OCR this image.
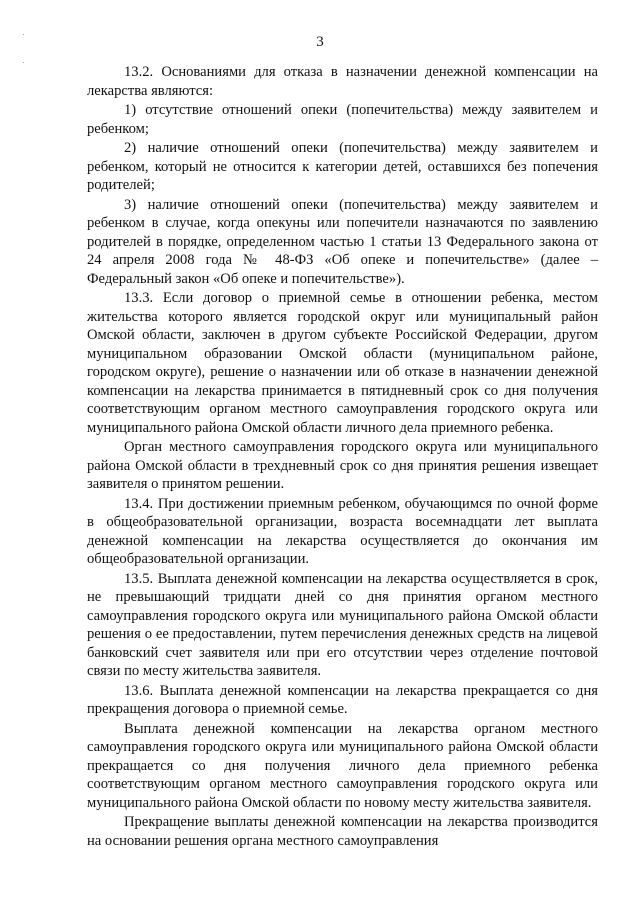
·
·
3

13.2. Основаниями для отказа в назначении денежной компенсации на лекарства являются:

1) отсутствие отношений опеки (попечительства) между заявителем и ребенком;

2) наличие отношений опеки (попечительства) между заявителем и ребенком, который не относится к категории детей, оставшихся без попечения родителей;

3) наличие отношений опеки (попечительства) между заявителем и ребенком в случае, когда опекуны или попечители назначаются по заявлению родителей в порядке, определенном частью 1 статьи 13 Федерального закона от 24 апреля 2008 года № 48-ФЗ «Об опеке и попечительстве» (далее – Федеральный закон «Об опеке и попечительстве»).

13.3. Если договор о приемной семье в отношении ребенка, местом жительства которого является городской округ или муниципальный район Омской области, заключен в другом субъекте Российской Федерации, другом муниципальном образовании Омской области (муниципальном районе, городском округе), решение о назначении или об отказе в назначении денежной компенсации на лекарства принимается в пятидневный срок со дня получения соответствующим органом местного самоуправления городского округа или муниципального района Омской области личного дела приемного ребенка.

Орган местного самоуправления городского округа или муниципального района Омской области в трехдневный срок со дня принятия решения извещает заявителя о принятом решении.

13.4. При достижении приемным ребенком, обучающимся по очной форме в общеобразовательной организации, возраста восемнадцати лет выплата денежной компенсации на лекарства осуществляется до окончания им общеобразовательной организации.

13.5. Выплата денежной компенсации на лекарства осуществляется в срок, не превышающий тридцати дней со дня принятия органом местного самоуправления городского округа или муниципального района Омской области решения о ее предоставлении, путем перечисления денежных средств на лицевой банковский счет заявителя или при его отсутствии через отделение почтовой связи по месту жительства заявителя.

13.6. Выплата денежной компенсации на лекарства прекращается со дня прекращения договора о приемной семье.

Выплата денежной компенсации на лекарства органом местного самоуправления городского округа или муниципального района Омской области прекращается со дня получения личного дела приемного ребенка соответствующим органом местного самоуправления городского округа или муниципального района Омской области по новому месту жительства заявителя.

Прекращение выплаты денежной компенсации на лекарства производится на основании решения органа местного самоуправления
